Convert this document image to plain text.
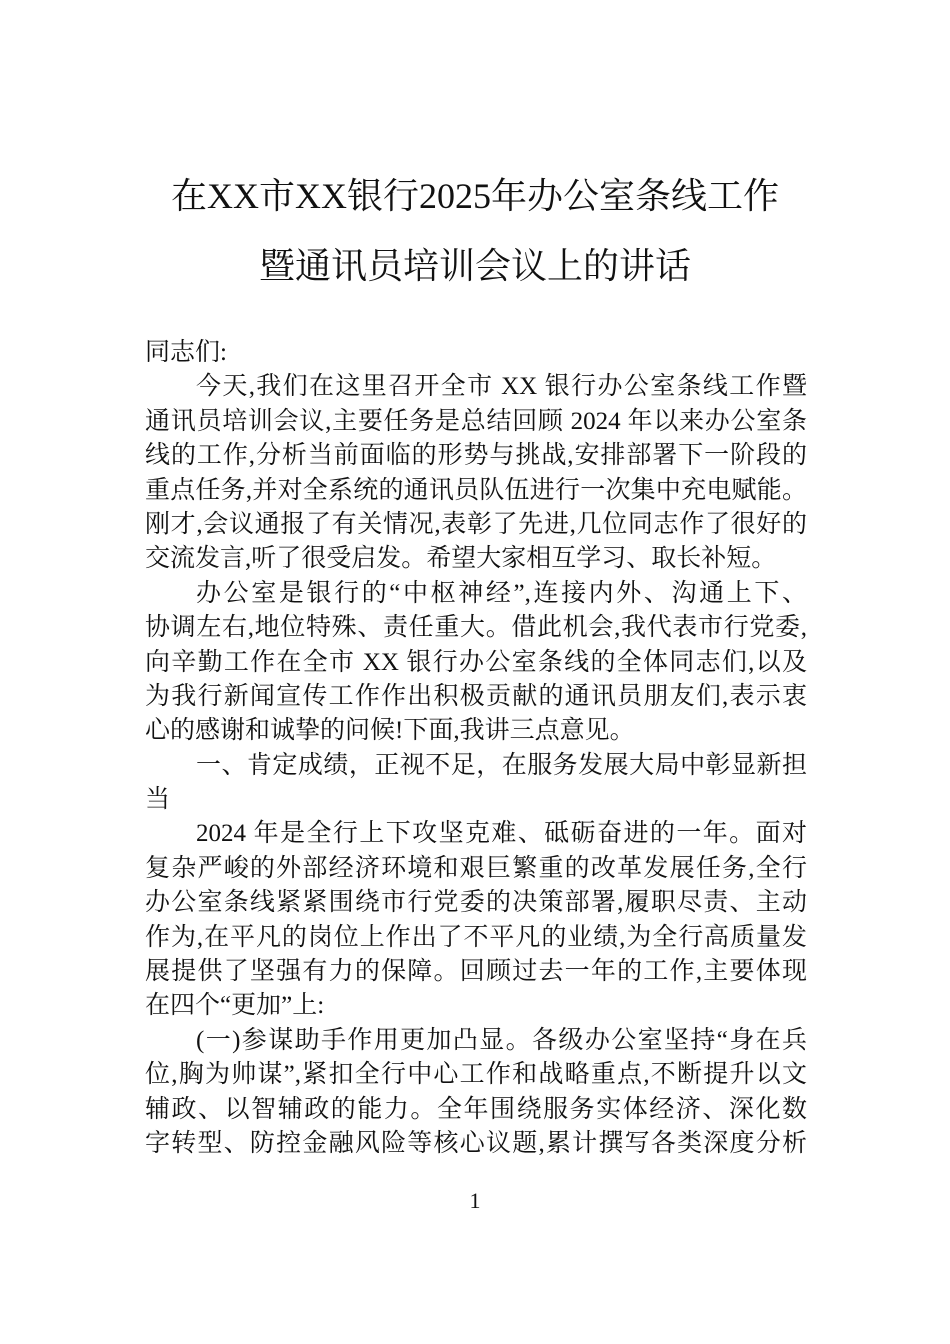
在XX市XX银行2025年办公室条线工作
暨通讯员培训会议上的讲话
同志们:
今天,我们在这里召开全市 XX 银行办公室条线工作暨
通讯员培训会议,主要任务是总结回顾 2024 年以来办公室条
线的工作,分析当前面临的形势与挑战,安排部署下一阶段的
重点任务,并对全系统的通讯员队伍进行一次集中充电赋能。
刚才,会议通报了有关情况,表彰了先进,几位同志作了很好的
交流发言,听了很受启发。希望大家相互学习、取长补短。
办公室是银行的“中枢神经”,连接内外、沟通上下、
协调左右,地位特殊、责任重大。借此机会,我代表市行党委,
向辛勤工作在全市 XX 银行办公室条线的全体同志们,以及
为我行新闻宣传工作作出积极贡献的通讯员朋友们,表示衷
心的感谢和诚挚的问候!下面,我讲三点意见。
一、肯定成绩，正视不足，在服务发展大局中彰显新担
当
2024 年是全行上下攻坚克难、砥砺奋进的一年。面对
复杂严峻的外部经济环境和艰巨繁重的改革发展任务,全行
办公室条线紧紧围绕市行党委的决策部署,履职尽责、主动
作为,在平凡的岗位上作出了不平凡的业绩,为全行高质量发
展提供了坚强有力的保障。回顾过去一年的工作,主要体现
在四个“更加”上:
(一)参谋助手作用更加凸显。各级办公室坚持“身在兵
位,胸为帅谋”,紧扣全行中心工作和战略重点,不断提升以文
辅政、以智辅政的能力。全年围绕服务实体经济、深化数
字转型、防控金融风险等核心议题,累计撰写各类深度分析
1
